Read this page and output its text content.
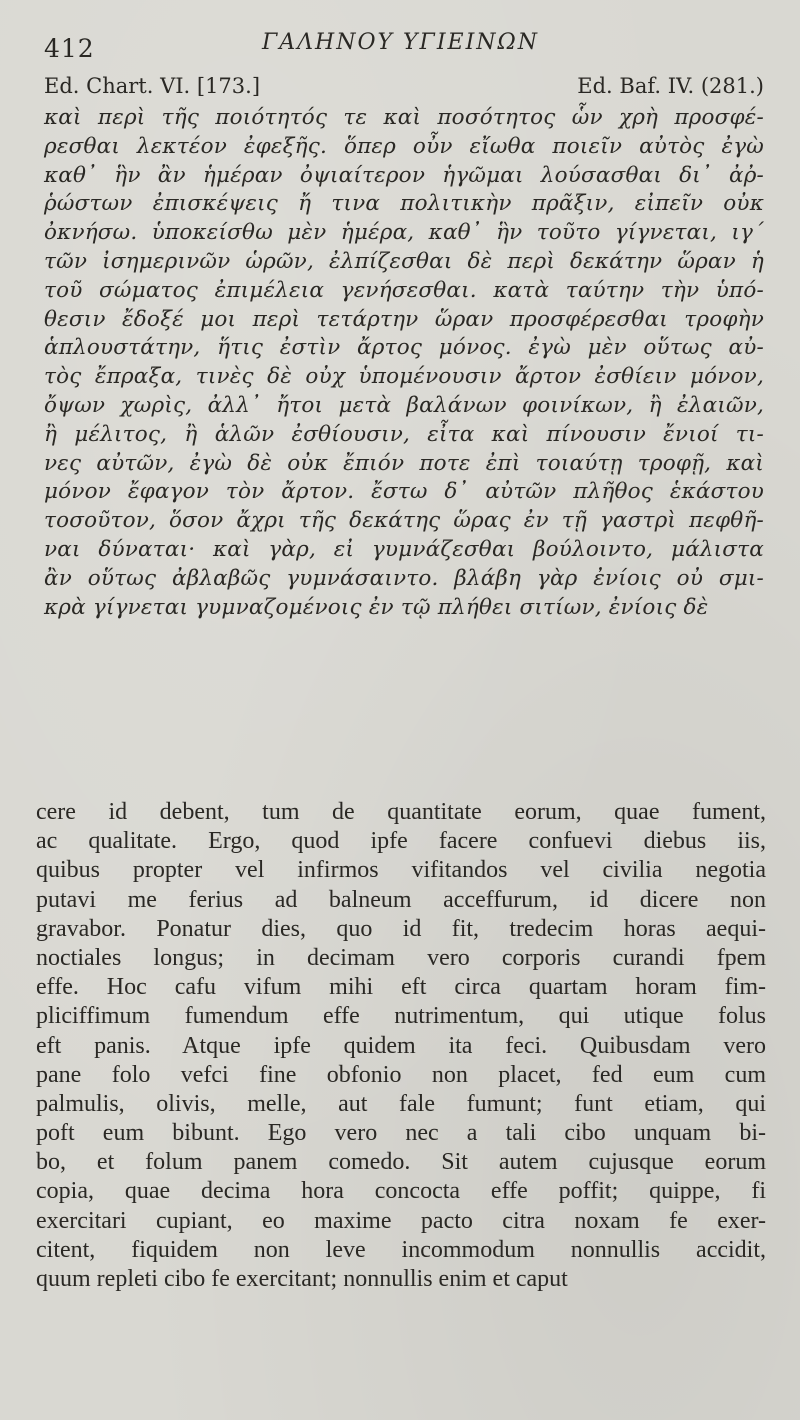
412	ΓΑΛΗΝΟΥ ΥΓΙΕΙΝΩΝ
Ed. Chart. VI. [173.]	Ed. Baf. IV. (281.)
καὶ περὶ τῆς ποιότητός τε καὶ ποσότητος ὧν χρὴ προσφέ-
ρεσθαι λεκτέον ἐφεξῆς. ὅπερ οὖν εἴωθα ποιεῖν αὐτὸς ἐγὼ
καθ᾽ ἣν ἂν ἡμέραν ὀψιαίτερον ἡγῶμαι λούσασθαι δι᾽ ἀῤ-
ῥώστων ἐπισκέψεις ἤ τινα πολιτικὴν πρᾶξιν, εἰπεῖν οὐκ
ὀκνήσω. ὑποκείσθω μὲν ἡμέρα, καθ᾽ ἣν τοῦτο γίγνεται, ιγ΄
τῶν ἰσημερινῶν ὡρῶν, ἐλπίζεσθαι δὲ περὶ δεκάτην ὥραν ἡ
τοῦ σώματος ἐπιμέλεια γενήσεσθαι. κατὰ ταύτην τὴν ὑπό-
θεσιν ἔδοξέ μοι περὶ τετάρτην ὥραν προσφέρεσθαι τροφὴν
ἁπλουστάτην, ἥτις ἐστὶν ἄρτος μόνος. ἐγὼ μὲν οὕτως αὐ-
τὸς ἔπραξα, τινὲς δὲ οὐχ ὑπομένουσιν ἄρτον ἐσθίειν μόνον,
ὄψων χωρὶς, ἀλλ᾽ ἤτοι μετὰ βαλάνων φοινίκων, ἢ ἐλαιῶν,
ἢ μέλιτος, ἢ ἁλῶν ἐσθίουσιν, εἶτα καὶ πίνουσιν ἔνιοί τι-
νες αὐτῶν, ἐγὼ δὲ οὐκ ἔπιόν ποτε ἐπὶ τοιαύτῃ τροφῇ, καὶ
μόνον ἔφαγον τὸν ἄρτον. ἔστω δ᾽ αὐτῶν πλῆθος ἑκάστου
τοσοῦτον, ὅσον ἄχρι τῆς δεκάτης ὥρας ἐν τῇ γαστρὶ πεφθῆ-
ναι δύναται· καὶ γὰρ, εἰ γυμνάζεσθαι βούλοιντο, μάλιστα
ἂν οὕτως ἀβλαβῶς γυμνάσαιντο. βλάβη γὰρ ἐνίοις οὐ σμι-
κρὰ γίγνεται γυμναζομένοις ἐν τῷ πλήθει σιτίων, ἐνίοις δὲ
cere id debent, tum de quantitate eorum, quae fument,
ac qualitate. Ergo, quod ipfe facere confuevi diebus iis,
quibus propter vel infirmos vifitandos vel civilia negotia
putavi me ferius ad balneum acceffurum, id dicere non
gravabor. Ponatur dies, quo id fit, tredecim horas aequi-
noctiales longus; in decimam vero corporis curandi fpem
effe. Hoc cafu vifum mihi eft circa quartam horam fim-
pliciffimum fumendum effe nutrimentum, qui utique folus
eft panis. Atque ipfe quidem ita feci. Quibusdam vero
pane folo vefci fine obfonio non placet, fed eum cum
palmulis, olivis, melle, aut fale fumunt; funt etiam, qui
poft eum bibunt. Ego vero nec a tali cibo unquam bi-
bo, et folum panem comedo. Sit autem cujusque eorum
copia, quae decima hora concocta effe poffit; quippe, fi
exercitari cupiant, eo maxime pacto citra noxam fe exer-
citent, fiquidem non leve incommodum nonnullis accidit,
quum repleti cibo fe exercitant; nonnullis enim et caput
